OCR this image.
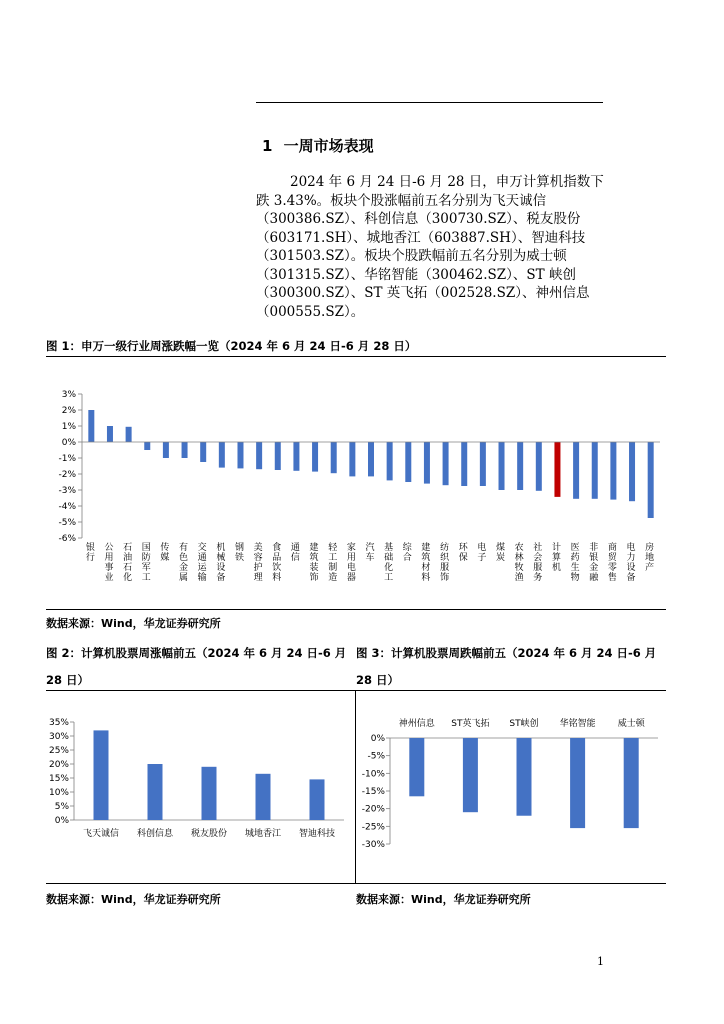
1 一周市场表现
2024 年 6 月 24 日-6 月 28 日，申万计算机指数下
跌 3.43%。板块个股涨幅前五名分别为飞天诚信
（300386.SZ）、科创信息（300730.SZ）、税友股份
（603171.SH）、城地香江（603887.SH）、智迪科技
（301503.SZ）。板块个股跌幅前五名分别为威士顿
（301315.SZ）、华铭智能（300462.SZ）、ST 峡创
（300300.SZ）、ST 英飞拓（002528.SZ）、神州信息
（000555.SZ）。
图 1：申万一级行业周涨跌幅一览（2024 年 6 月 24 日-6 月 28 日）
3%
2%
1%
0%
-1%
-2%
-3%
-4%
-5%
-6%
银行
公用事业
石油石化
国防军工
传媒
有色金属
交通运输
机械设备
钢铁
美容护理
食品饮料
通信
建筑装饰
轻工制造
家用电器
汽车
基础化工
综合
建筑材料
纺织服饰
环保
电子
煤炭
农林牧渔
社会服务
计算机
医药生物
非银金融
商贸零售
电力设备
房地产
数据来源：Wind，华龙证券研究所
图 2：计算机股票周涨幅前五（2024 年 6 月 24 日-6 月
28 日）
图 3：计算机股票周跌幅前五（2024 年 6 月 24 日-6 月
28 日）
35%
30%
25%
20%
15%
10%
5%
0%
飞天诚信 科创信息 税友股份 城地香江 智迪科技
0%
-5%
-10%
-15%
-20%
-25%
-30%
神州信息 ST英飞拓 ST峡创 华铭智能 威士顿
数据来源：Wind，华龙证券研究所	数据来源：Wind，华龙证券研究所
1
